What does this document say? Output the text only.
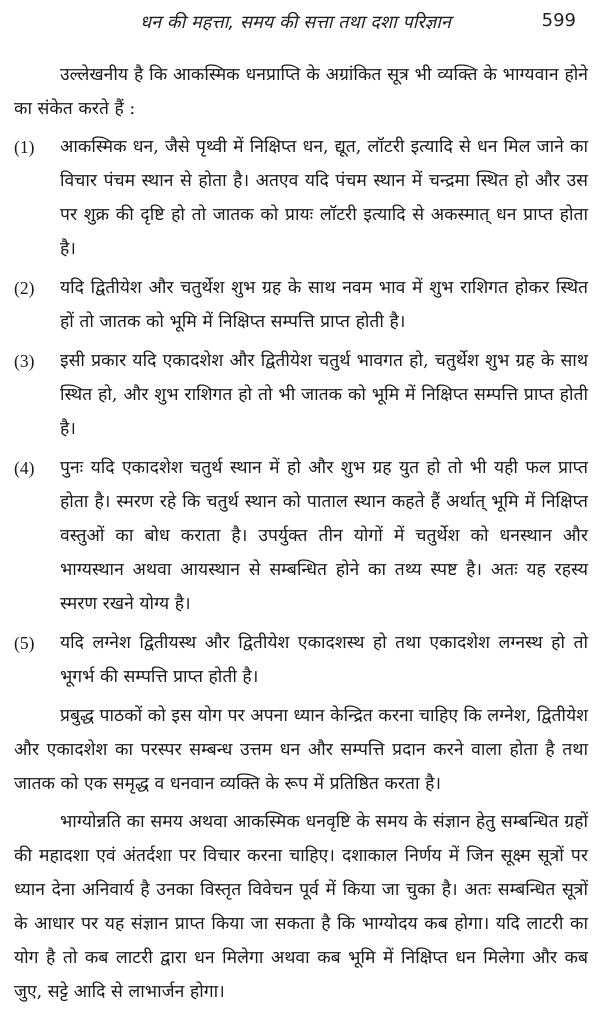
धन की महत्ता, समय की सत्ता तथा दशा परिज्ञान	599

उल्लेखनीय है कि आकस्मिक धनप्राप्ति के अग्रांकित सूत्र भी व्यक्ति के भाग्यवान होने का संकेत करते हैं :

(1) आकस्मिक धन, जैसे पृथ्वी में निक्षिप्त धन, द्यूत, लॉटरी इत्यादि से धन मिल जाने का विचार पंचम स्थान से होता है। अतएव यदि पंचम स्थान में चन्द्रमा स्थित हो और उस पर शुक्र की दृष्टि हो तो जातक को प्रायः लॉटरी इत्यादि से अकस्मात् धन प्राप्त होता है।

(2) यदि द्वितीयेश और चतुर्थेश शुभ ग्रह के साथ नवम भाव में शुभ राशिगत होकर स्थित हों तो जातक को भूमि में निक्षिप्त सम्पत्ति प्राप्त होती है।

(3) इसी प्रकार यदि एकादशेश और द्वितीयेश चतुर्थ भावगत हो, चतुर्थेश शुभ ग्रह के साथ स्थित हो, और शुभ राशिगत हो तो भी जातक को भूमि में निक्षिप्त सम्पत्ति प्राप्त होती है।

(4) पुनः यदि एकादशेश चतुर्थ स्थान में हो और शुभ ग्रह युत हो तो भी यही फल प्राप्त होता है। स्मरण रहे कि चतुर्थ स्थान को पाताल स्थान कहते हैं अर्थात् भूमि में निक्षिप्त वस्तुओं का बोध कराता है। उपर्युक्त तीन योगों में चतुर्थेश को धनस्थान और भाग्यस्थान अथवा आयस्थान से सम्बन्धित होने का तथ्य स्पष्ट है। अतः यह रहस्य स्मरण रखने योग्य है।

(5) यदि लग्नेश द्वितीयस्थ और द्वितीयेश एकादशस्थ हो तथा एकादशेश लग्नस्थ हो तो भूगर्भ की सम्पत्ति प्राप्त होती है।

प्रबुद्ध पाठकों को इस योग पर अपना ध्यान केन्द्रित करना चाहिए कि लग्नेश, द्वितीयेश और एकादशेश का परस्पर सम्बन्ध उत्तम धन और सम्पत्ति प्रदान करने वाला होता है तथा जातक को एक समृद्ध व धनवान व्यक्ति के रूप में प्रतिष्ठित करता है।

भाग्योन्नति का समय अथवा आकस्मिक धनवृष्टि के समय के संज्ञान हेतु सम्बन्धित ग्रहों की महादशा एवं अंतर्दशा पर विचार करना चाहिए। दशाकाल निर्णय में जिन सूक्ष्म सूत्रों पर ध्यान देना अनिवार्य है उनका विस्तृत विवेचन पूर्व में किया जा चुका है। अतः सम्बन्धित सूत्रों के आधार पर यह संज्ञान प्राप्त किया जा सकता है कि भाग्योदय कब होगा। यदि लाटरी का योग है तो कब लाटरी द्वारा धन मिलेगा अथवा कब भूमि में निक्षिप्त धन मिलेगा और कब जुए, सट्टे आदि से लाभार्जन होगा।
